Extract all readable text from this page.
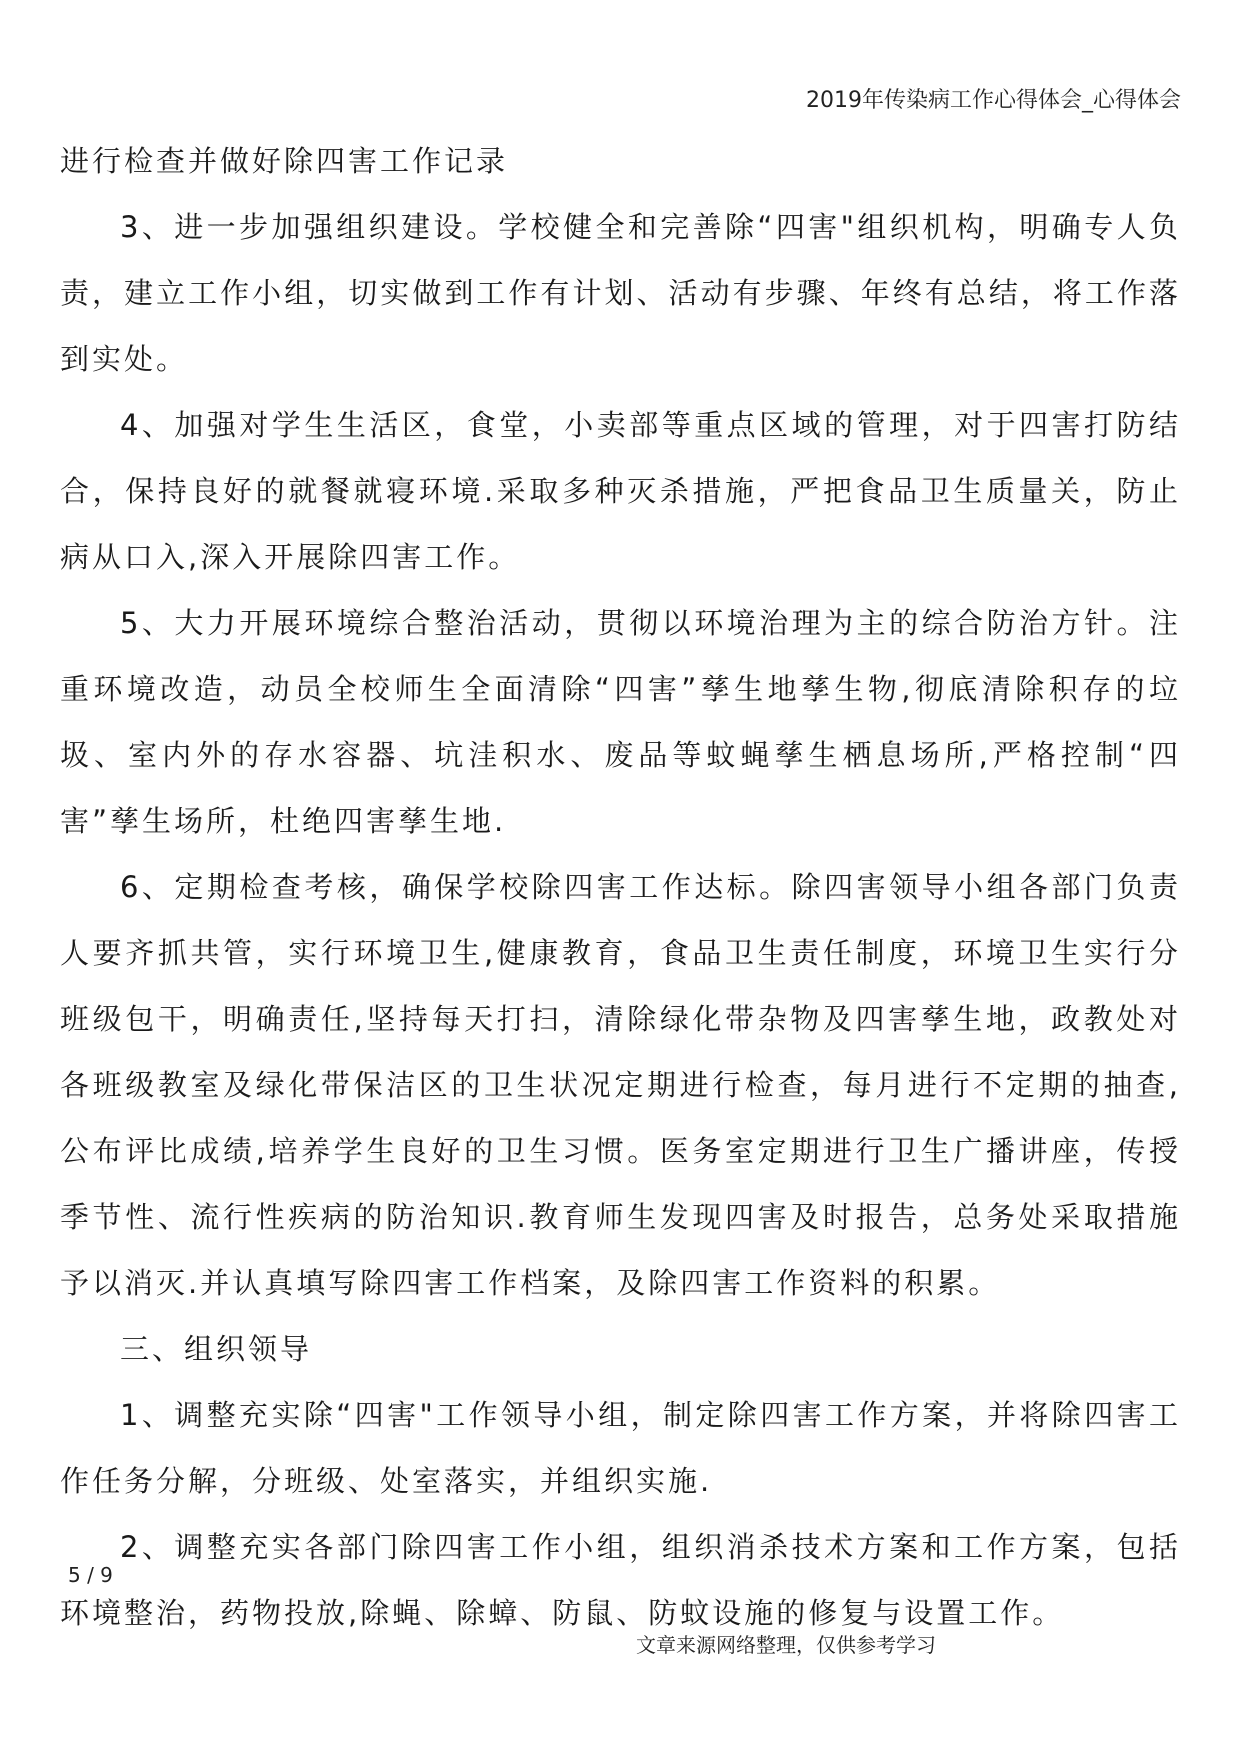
2019年传染病工作心得体会_心得体会

进行检查并做好除四害工作记录

3、进一步加强组织建设。学校健全和完善除“四害"组织机构，明确专人负责，建立工作小组，切实做到工作有计划、活动有步骤、年终有总结，将工作落到实处。

4、加强对学生生活区，食堂，小卖部等重点区域的管理，对于四害打防结合，保持良好的就餐就寝环境.采取多种灭杀措施，严把食品卫生质量关，防止病从口入,深入开展除四害工作。

5、大力开展环境综合整治活动，贯彻以环境治理为主的综合防治方针。注重环境改造，动员全校师生全面清除“四害”孳生地孳生物,彻底清除积存的垃圾、室内外的存水容器、坑洼积水、废品等蚊蝇孳生栖息场所,严格控制“四害”孳生场所，杜绝四害孳生地.

6、定期检查考核，确保学校除四害工作达标。除四害领导小组各部门负责人要齐抓共管，实行环境卫生,健康教育，食品卫生责任制度，环境卫生实行分班级包干，明确责任,坚持每天打扫，清除绿化带杂物及四害孳生地，政教处对各班级教室及绿化带保洁区的卫生状况定期进行检查，每月进行不定期的抽查,公布评比成绩,培养学生良好的卫生习惯。医务室定期进行卫生广播讲座，传授季节性、流行性疾病的防治知识.教育师生发现四害及时报告，总务处采取措施予以消灭.并认真填写除四害工作档案，及除四害工作资料的积累。

三、组织领导

1、调整充实除“四害"工作领导小组，制定除四害工作方案，并将除四害工作任务分解，分班级、处室落实，并组织实施.

2、调整充实各部门除四害工作小组，组织消杀技术方案和工作方案，包括环境整治，药物投放,除蝇、除蟑、防鼠、防蚊设施的修复与设置工作。

5 / 9
文章来源网络整理，仅供参考学习
